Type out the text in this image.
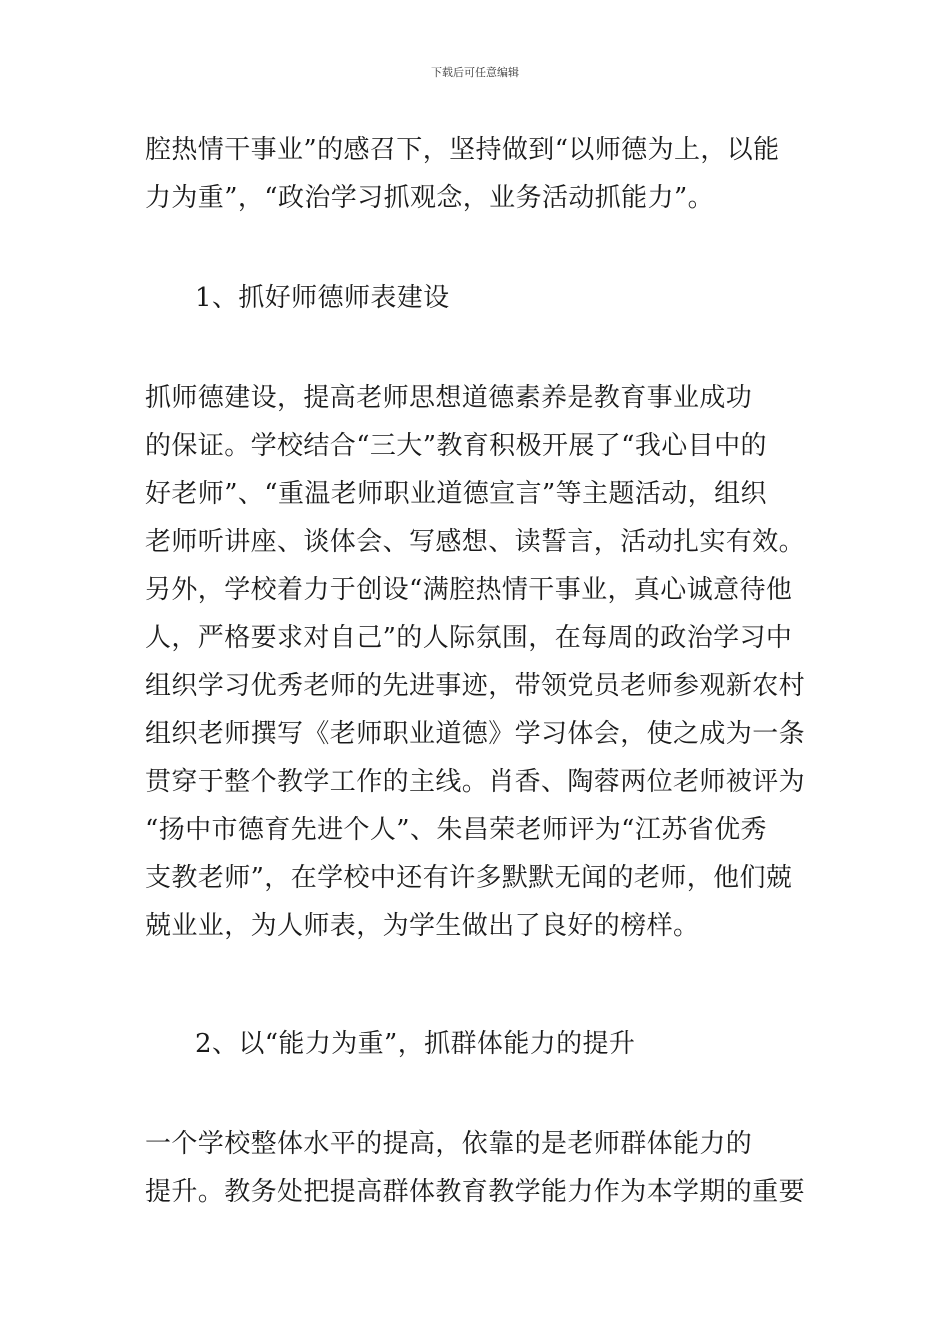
下载后可任意编辑
腔热情干事业”的感召下，坚持做到“以师德为上，以能
力为重”，“政治学习抓观念，业务活动抓能力”。
1、抓好师德师表建设
抓师德建设，提高老师思想道德素养是教育事业成功
的保证。学校结合“三大”教育积极开展了“我心目中的
好老师”、“重温老师职业道德宣言”等主题活动，组织
老师听讲座、谈体会、写感想、读誓言，活动扎实有效。
另外，学校着力于创设“满腔热情干事业，真心诚意待他
人，严格要求对自己”的人际氛围，在每周的政治学习中
组织学习优秀老师的先进事迹，带领党员老师参观新农村
组织老师撰写《老师职业道德》学习体会，使之成为一条
贯穿于整个教学工作的主线。肖香、陶蓉两位老师被评为
“扬中市德育先进个人”、朱昌荣老师评为“江苏省优秀
支教老师”，在学校中还有许多默默无闻的老师，他们兢
兢业业，为人师表，为学生做出了良好的榜样。
2、以“能力为重”，抓群体能力的提升
一个学校整体水平的提高，依靠的是老师群体能力的
提升。教务处把提高群体教育教学能力作为本学期的重要
